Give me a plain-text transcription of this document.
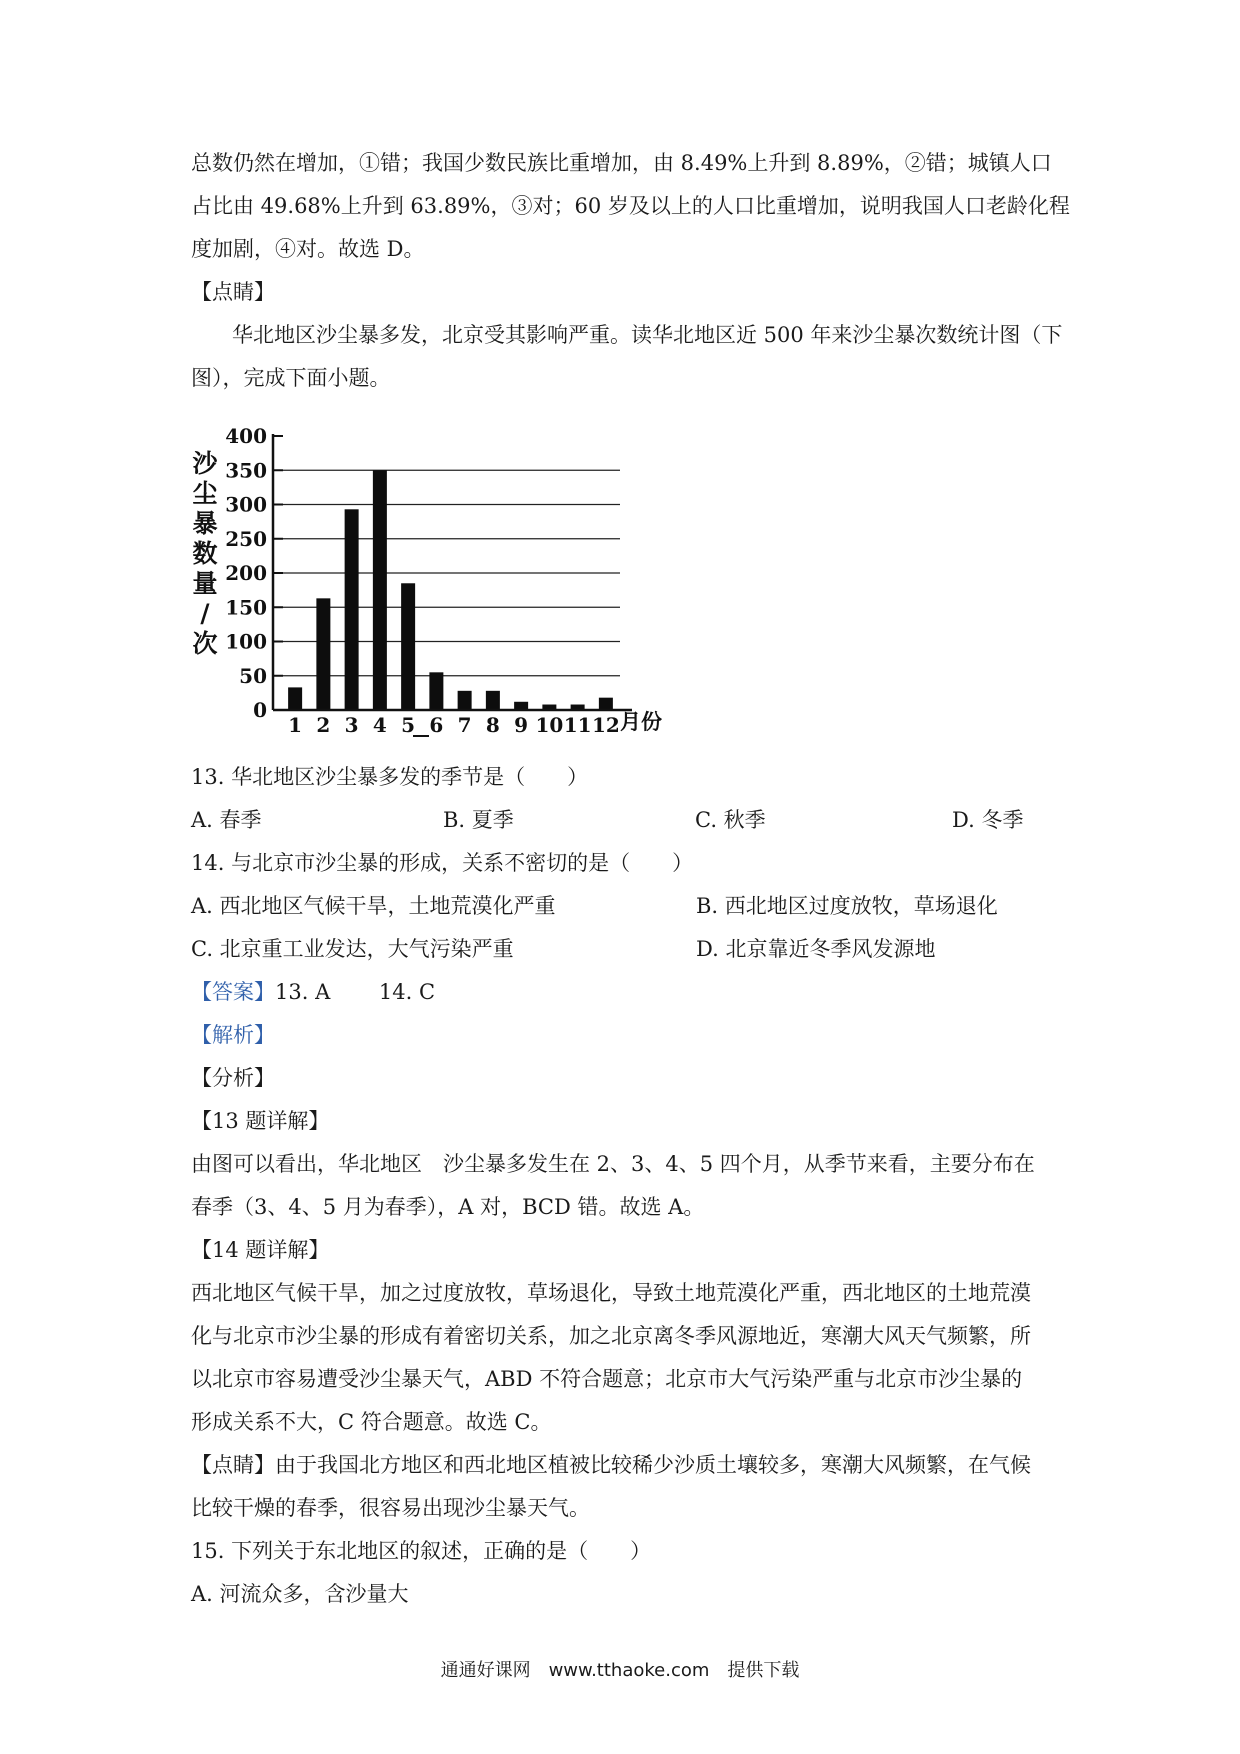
总数仍然在增加，①错；我国少数民族比重增加，由 8.49%上升到 8.89%，②错；城镇人口
占比由 49.68%上升到 63.89%，③对；60 岁及以上的人口比重增加，说明我国人口老龄化程
度加剧，④对。故选 D。
【点睛】
华北地区沙尘暴多发，北京受其影响严重。读华北地区近 500 年来沙尘暴次数统计图（下
图），完成下面小题。
0
50
100
150
200
250
300
350
400
1 2 3 4 5 6 7 8 9 10 11 12
沙
尘
暴
数
量
/
次
月份
13. 华北地区沙尘暴多发的季节是（　　）
A. 春季	B. 夏季	C. 秋季	D. 冬季
14. 与北京市沙尘暴的形成，关系不密切的是（　　）
A. 西北地区气候干旱，土地荒漠化严重	B. 西北地区过度放牧，草场退化
C. 北京重工业发达，大气污染严重	D. 北京靠近冬季风发源地
【答案】13. A　　 14. C
【解析】
【分析】
【13 题详解】
由图可以看出，华北地区　沙尘暴多发生在 2、3、4、5 四个月，从季节来看，主要分布在
春季（3、4、5 月为春季），A 对，BCD 错。故选 A。
【14 题详解】
西北地区气候干旱，加之过度放牧，草场退化，导致土地荒漠化严重，西北地区的土地荒漠
化与北京市沙尘暴的形成有着密切关系，加之北京离冬季风源地近，寒潮大风天气频繁，所
以北京市容易遭受沙尘暴天气，ABD 不符合题意；北京市大气污染严重与北京市沙尘暴的
形成关系不大，C 符合题意。故选 C。
【点睛】由于我国北方地区和西北地区植被比较稀少沙质土壤较多，寒潮大风频繁，在气候
比较干燥的春季，很容易出现沙尘暴天气。
15. 下列关于东北地区的叙述，正确的是（　　）
A. 河流众多，含沙量大
通通好课网　www.tthaoke.com　提供下载
